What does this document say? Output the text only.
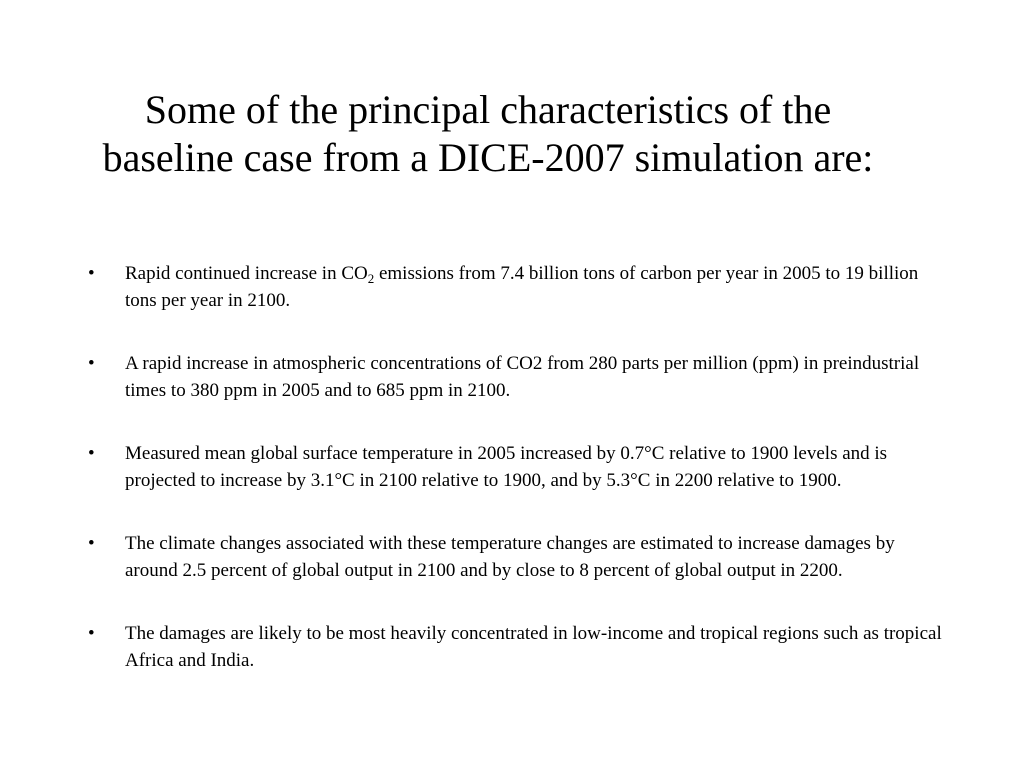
Some of the principal characteristics of the
baseline case from a DICE-2007 simulation are:
• Rapid continued increase in $CO_2$ emissions from 7.4 billion tons of carbon per year in 2005 to 19 billion tons per year in 2100.
• A rapid increase in atmospheric concentrations of CO2 from 280 parts per million (ppm) in preindustrial times to 380 ppm in 2005 and to 685 ppm in 2100.
• Measured mean global surface temperature in 2005 increased by 0.7°C relative to 1900 levels and is projected to increase by 3.1°C in 2100 relative to 1900, and by 5.3°C in 2200 relative to 1900.
• The climate changes associated with these temperature changes are estimated to increase damages by around 2.5 percent of global output in 2100 and by close to 8 percent of global output in 2200.
• The damages are likely to be most heavily concentrated in low-income and tropical regions such as tropical Africa and India.
